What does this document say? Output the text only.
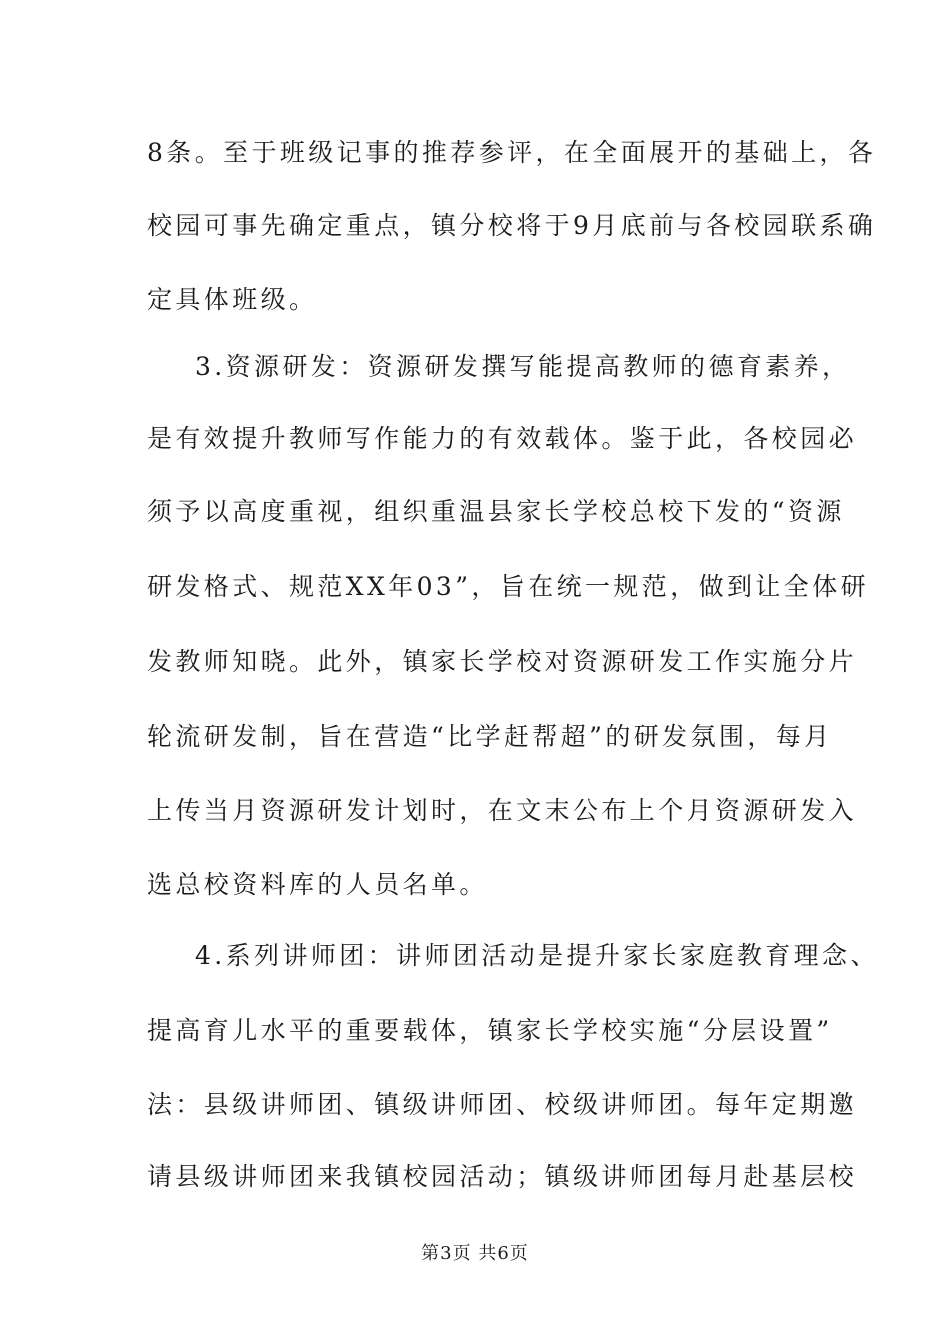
8条。至于班级记事的推荐参评，在全面展开的基础上，各
校园可事先确定重点，镇分校将于9月底前与各校园联系确
定具体班级。
3.资源研发：资源研发撰写能提高教师的德育素养，
是有效提升教师写作能力的有效载体。鉴于此，各校园必
须予以高度重视，组织重温县家长学校总校下发的“资源
研发格式、规范XX年03”，旨在统一规范，做到让全体研
发教师知晓。此外，镇家长学校对资源研发工作实施分片
轮流研发制，旨在营造“比学赶帮超”的研发氛围，每月
上传当月资源研发计划时，在文末公布上个月资源研发入
选总校资料库的人员名单。
4.系列讲师团：讲师团活动是提升家长家庭教育理念、
提高育儿水平的重要载体，镇家长学校实施“分层设置”
法：县级讲师团、镇级讲师团、校级讲师团。每年定期邀
请县级讲师团来我镇校园活动；镇级讲师团每月赴基层校
第3页 共6页
